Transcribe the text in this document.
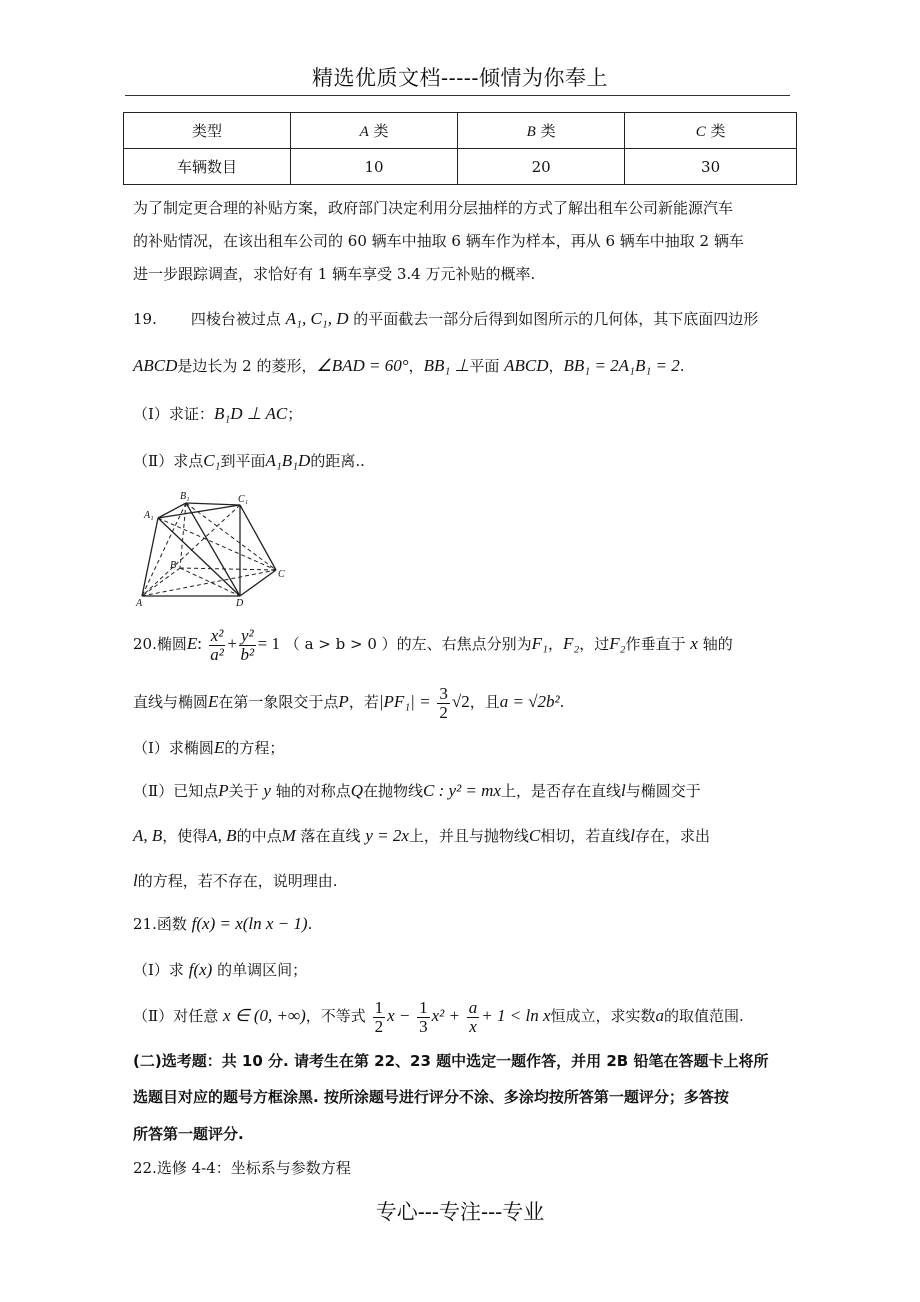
精选优质文档-----倾情为你奉上
类型	A 类	B 类	C 类
车辆数目	10	20	30
为了制定更合理的补贴方案，政府部门决定利用分层抽样的方式了解出租车公司新能源汽车
的补贴情况，在该出租车公司的 60 辆车中抽取 6 辆车作为样本，再从 6 辆车中抽取 2 辆车
进一步跟踪调查，求恰好有 1 辆车享受 3.4 万元补贴的概率.
19. 四棱台被过点 A₁, C₁, D 的平面截去一部分后得到如图所示的几何体，其下底面四边形
ABCD是边长为 2 的菱形，∠BAD = 60°，BB₁ ⊥平面 ABCD，BB₁ = 2A₁B₁ = 2.
（Ⅰ）求证：B₁D ⊥ AC；
（Ⅱ）求点C₁到平面A₁B₁D的距离..
B₁	C₁
A₁
B
C
A	D
20.椭圆E: $\frac{\text{x²}}{\text{a²}} + \frac{\text{y²}}{\text{b²}} = 1$ （ a > b > 0 ）的左、右焦点分别为F₁，F₂，过F₂作垂直于 x 轴的
直线与椭圆E在第一象限交于点P，若$|PF_1| = \frac{3}{2} √2$，且a = √2b².
（Ⅰ）求椭圆E的方程；
（Ⅱ）已知点P关于 y 轴的对称点Q在抛物线C : y² = mx上，是否存在直线l与椭圆交于
A, B，使得A, B的中点M 落在直线 y = 2x上，并且与抛物线C相切，若直线l存在，求出
l的方程，若不存在，说明理由.
21.函数 f(x) = x(ln x − 1).
（Ⅰ）求 f(x) 的单调区间；
（Ⅱ）对任意 x ∈ (0, +∞)，不等式 $\frac{1}{2}$ $x - \frac{1}{3} x^2 + \frac{a}{x} + 1 < \ln x$恒成立，求实数a的取值范围.
(二)选考题：共 10 分. 请考生在第 22、23 题中选定一题作答，并用 2B 铅笔在答题卡上将所
选题目对应的题号方框涂黑. 按所涂题号进行评分不涂、多涂均按所答第一题评分；多答按
所答第一题评分.
22.选修 4-4：坐标系与参数方程
专心---专注---专业
